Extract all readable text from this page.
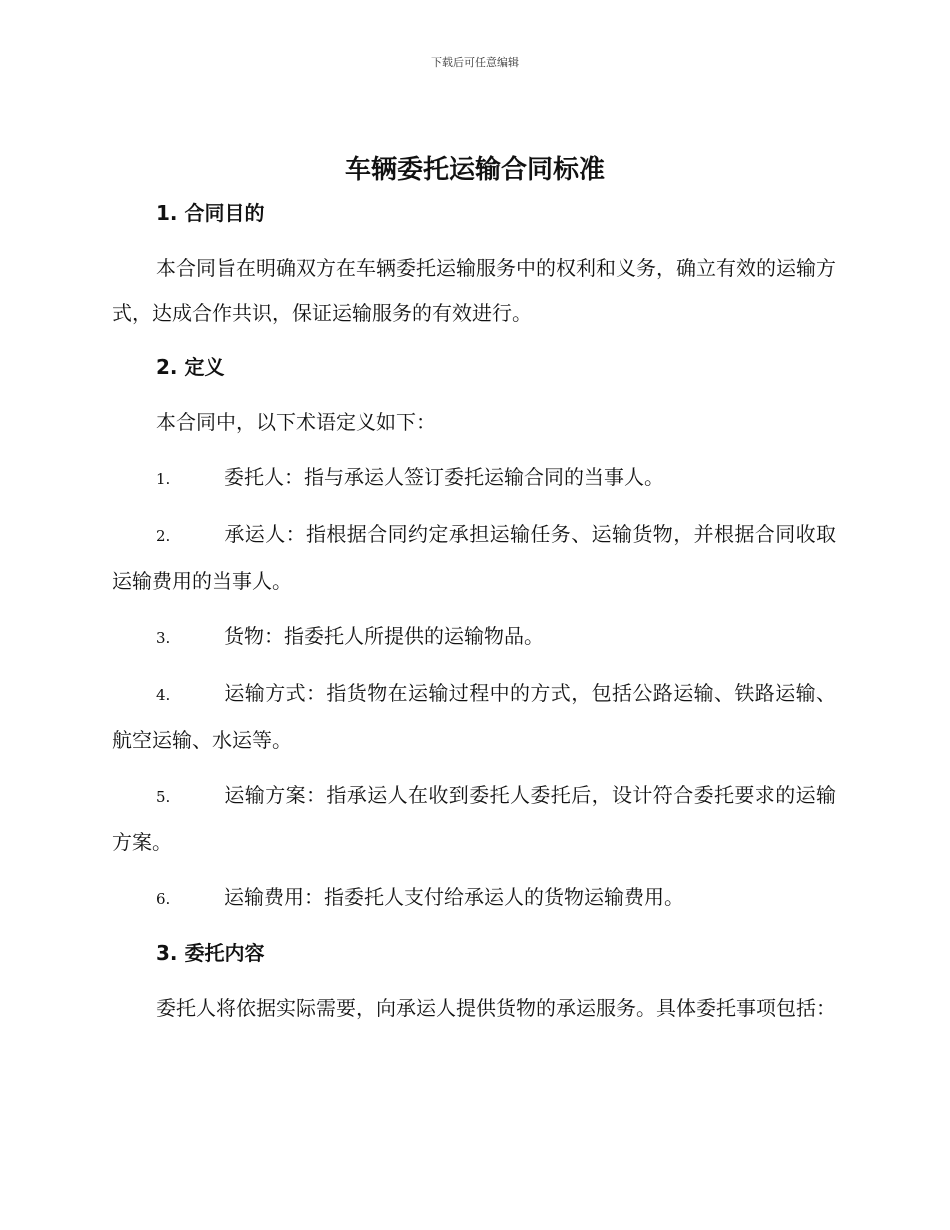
下载后可任意编辑
车辆委托运输合同标准
1. 合同目的

本合同旨在明确双方在车辆委托运输服务中的权利和义务，确立有效的运输方式，达成合作共识，保证运输服务的有效进行。

2. 定义

本合同中，以下术语定义如下：

1.	委托人：指与承运人签订委托运输合同的当事人。

2.	承运人：指根据合同约定承担运输任务、运输货物，并根据合同收取运输费用的当事人。

3.	货物：指委托人所提供的运输物品。

4.	运输方式：指货物在运输过程中的方式，包括公路运输、铁路运输、航空运输、水运等。

5.	运输方案：指承运人在收到委托人委托后，设计符合委托要求的运输方案。

6.	运输费用：指委托人支付给承运人的货物运输费用。

3. 委托内容

委托人将依据实际需要，向承运人提供货物的承运服务。具体委托事项包括：
